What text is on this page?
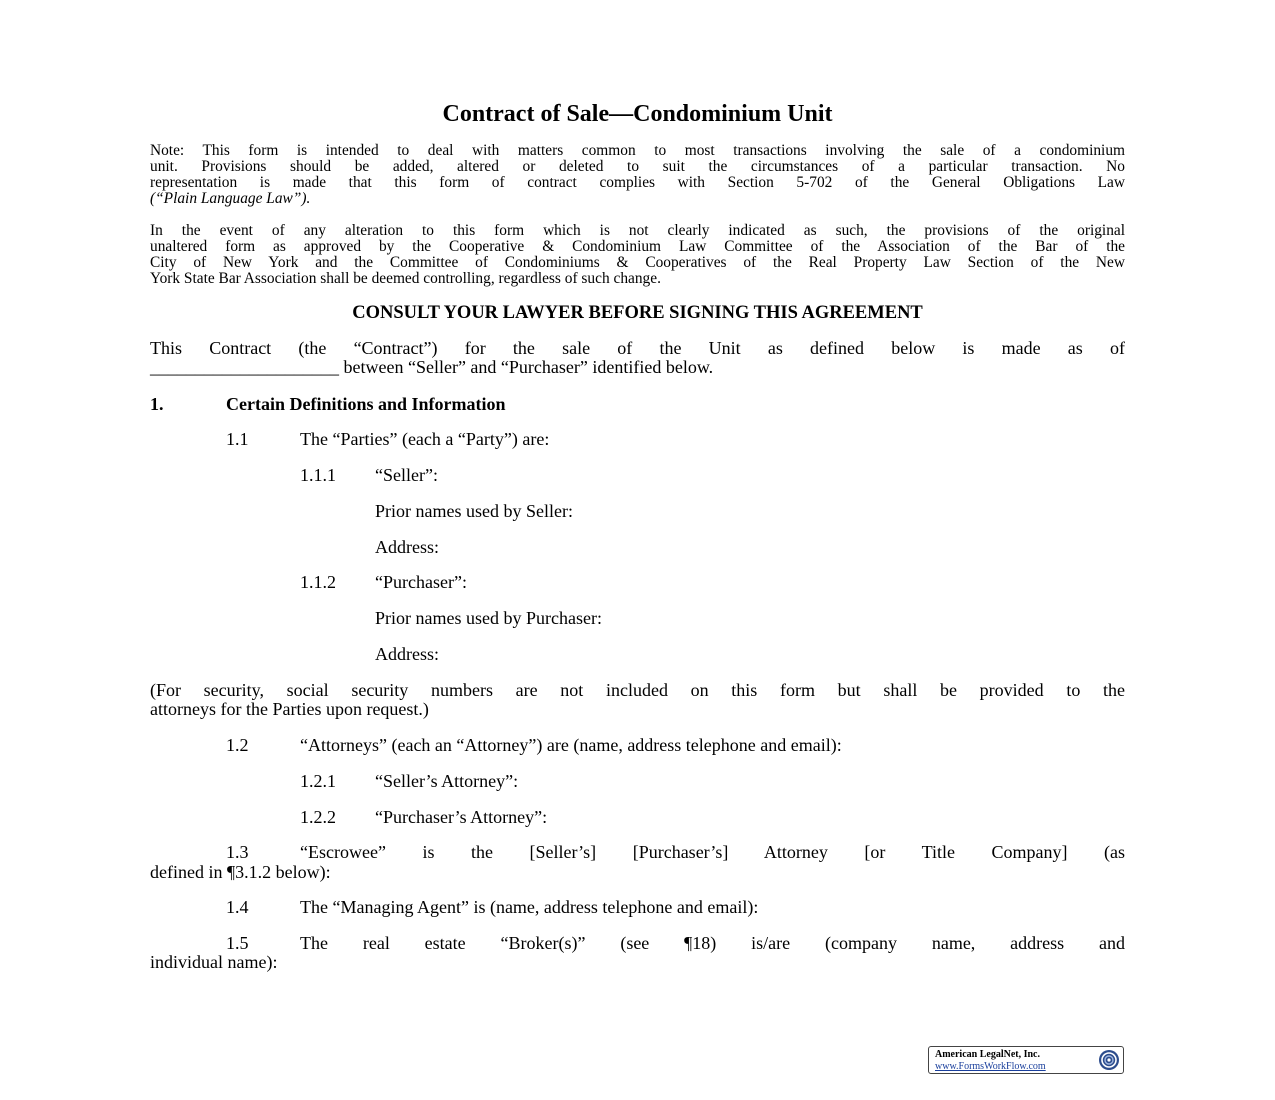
Contract of Sale—Condominium Unit
Note: This form is intended to deal with matters common to most transactions involving the sale of a condominium
unit. Provisions should be added, altered or deleted to suit the circumstances of a particular transaction. No
representation is made that this form of contract complies with Section 5-702 of the General Obligations Law
(“Plain Language Law”).
In the event of any alteration to this form which is not clearly indicated as such, the provisions of the original
unaltered form as approved by the Cooperative & Condominium Law Committee of the Association of the Bar of the
City of New York and the Committee of Condominiums & Cooperatives of the Real Property Law Section of the New
York State Bar Association shall be deemed controlling, regardless of such change.
CONSULT YOUR LAWYER BEFORE SIGNING THIS AGREEMENT
This Contract (the “Contract”) for the sale of the Unit as defined below is made as of
_____________________ between “Seller” and “Purchaser” identified below.
1.	Certain Definitions and Information
1.1	The “Parties” (each a “Party”) are:
1.1.1 “Seller”:
Prior names used by Seller:
Address:
1.1.2 “Purchaser”:
Prior names used by Purchaser:
Address:
(For security, social security numbers are not included on this form but shall be provided to the
attorneys for the Parties upon request.)
1.2	“Attorneys” (each an “Attorney”) are (name, address telephone and email):
1.2.1 “Seller’s Attorney”:
1.2.2 “Purchaser’s Attorney”:
1.3	“Escrowee” is the [Seller’s] [Purchaser’s] Attorney [or Title Company] (as
defined in ¶3.1.2 below):
1.4	The “Managing Agent” is (name, address telephone and email):
1.5	The real estate “Broker(s)” (see ¶18) is/are (company name, address and
individual name):
American LegalNet, Inc.
www.FormsWorkFlow.com
